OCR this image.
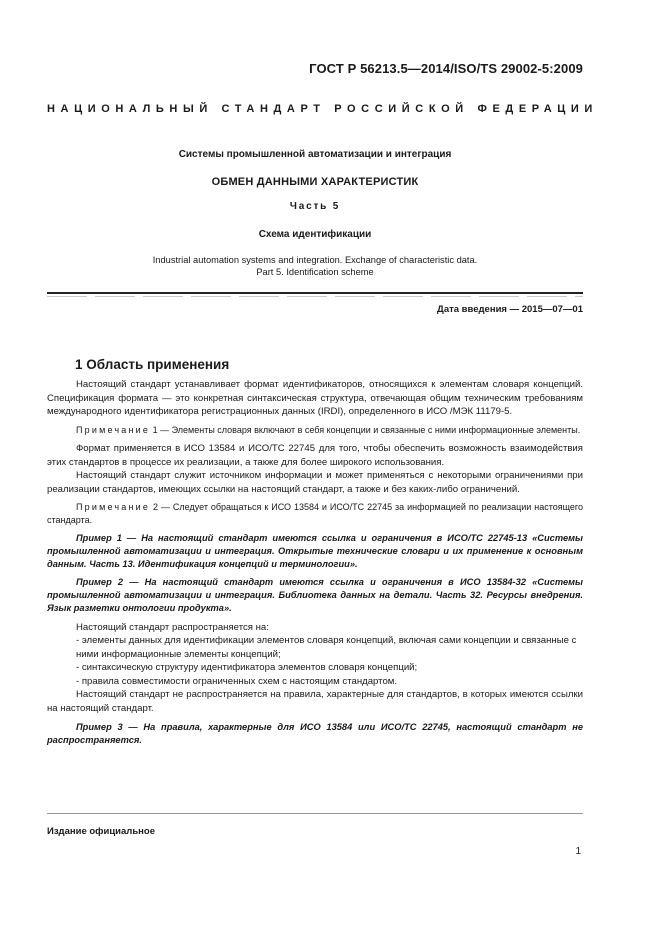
ГОСТ Р 56213.5—2014/ISO/TS 29002-5:2009
НАЦИОНАЛЬНЫЙ СТАНДАРТ РОССИЙСКОЙ ФЕДЕРАЦИИ
Системы промышленной автоматизации и интеграция
ОБМЕН ДАННЫМИ ХАРАКТЕРИСТИК
Часть 5
Схема идентификации
Industrial automation systems and integration. Exchange of characteristic data.
Part 5. Identification scheme
Дата введения — 2015—07—01
1 Область применения

Настоящий стандарт устанавливает формат идентификаторов, относящихся к элементам словаря концепций. Спецификация формата — это конкретная синтаксическая структура, отвечающая общим техническим требованиям международного идентификатора регистрационных данных (IRDI), определенного в ИСО /МЭК 11179-5.

Примечание 1 — Элементы словаря включают в себя концепции и связанные с ними информационные элементы.

Формат применяется в ИСО 13584 и ИСО/ТС 22745 для того, чтобы обеспечить возможность взаимодействия этих стандартов в процессе их реализации, а также для более широкого использования.

Настоящий стандарт служит источником информации и может применяться с некоторыми ограничениями при реализации стандартов, имеющих ссылки на настоящий стандарт, а также и без каких-либо ограничений.

Примечание 2 — Следует обращаться к ИСО 13584 и ИСО/ТС 22745 за информацией по реализации настоящего стандарта.

Пример 1 — На настоящий стандарт имеются ссылка и ограничения в ИСО/ТС 22745-13 «Системы промышленной автоматизации и интеграция. Открытые технические словари и их применение к основным данным. Часть 13. Идентификация концепций и терминологии».

Пример 2 — На настоящий стандарт имеются ссылка и ограничения в ИСО 13584-32 «Системы промышленной автоматизации и интеграция. Библиотека данных на детали. Часть 32. Ресурсы внедрения. Язык разметки онтологии продукта».

Настоящий стандарт распространяется на:

- элементы данных для идентификации элементов словаря концепций, включая сами концепции и связанные с ними информационные элементы концепций;

- синтаксическую структуру идентификатора элементов словаря концепций;

- правила совместимости ограниченных схем с настоящим стандартом.

Настоящий стандарт не распространяется на правила, характерные для стандартов, в которых имеются ссылки на настоящий стандарт.

Пример 3 — На правила, характерные для ИСО 13584 или ИСО/ТС 22745, настоящий стандарт не распространяется.

Издание официальное
1
